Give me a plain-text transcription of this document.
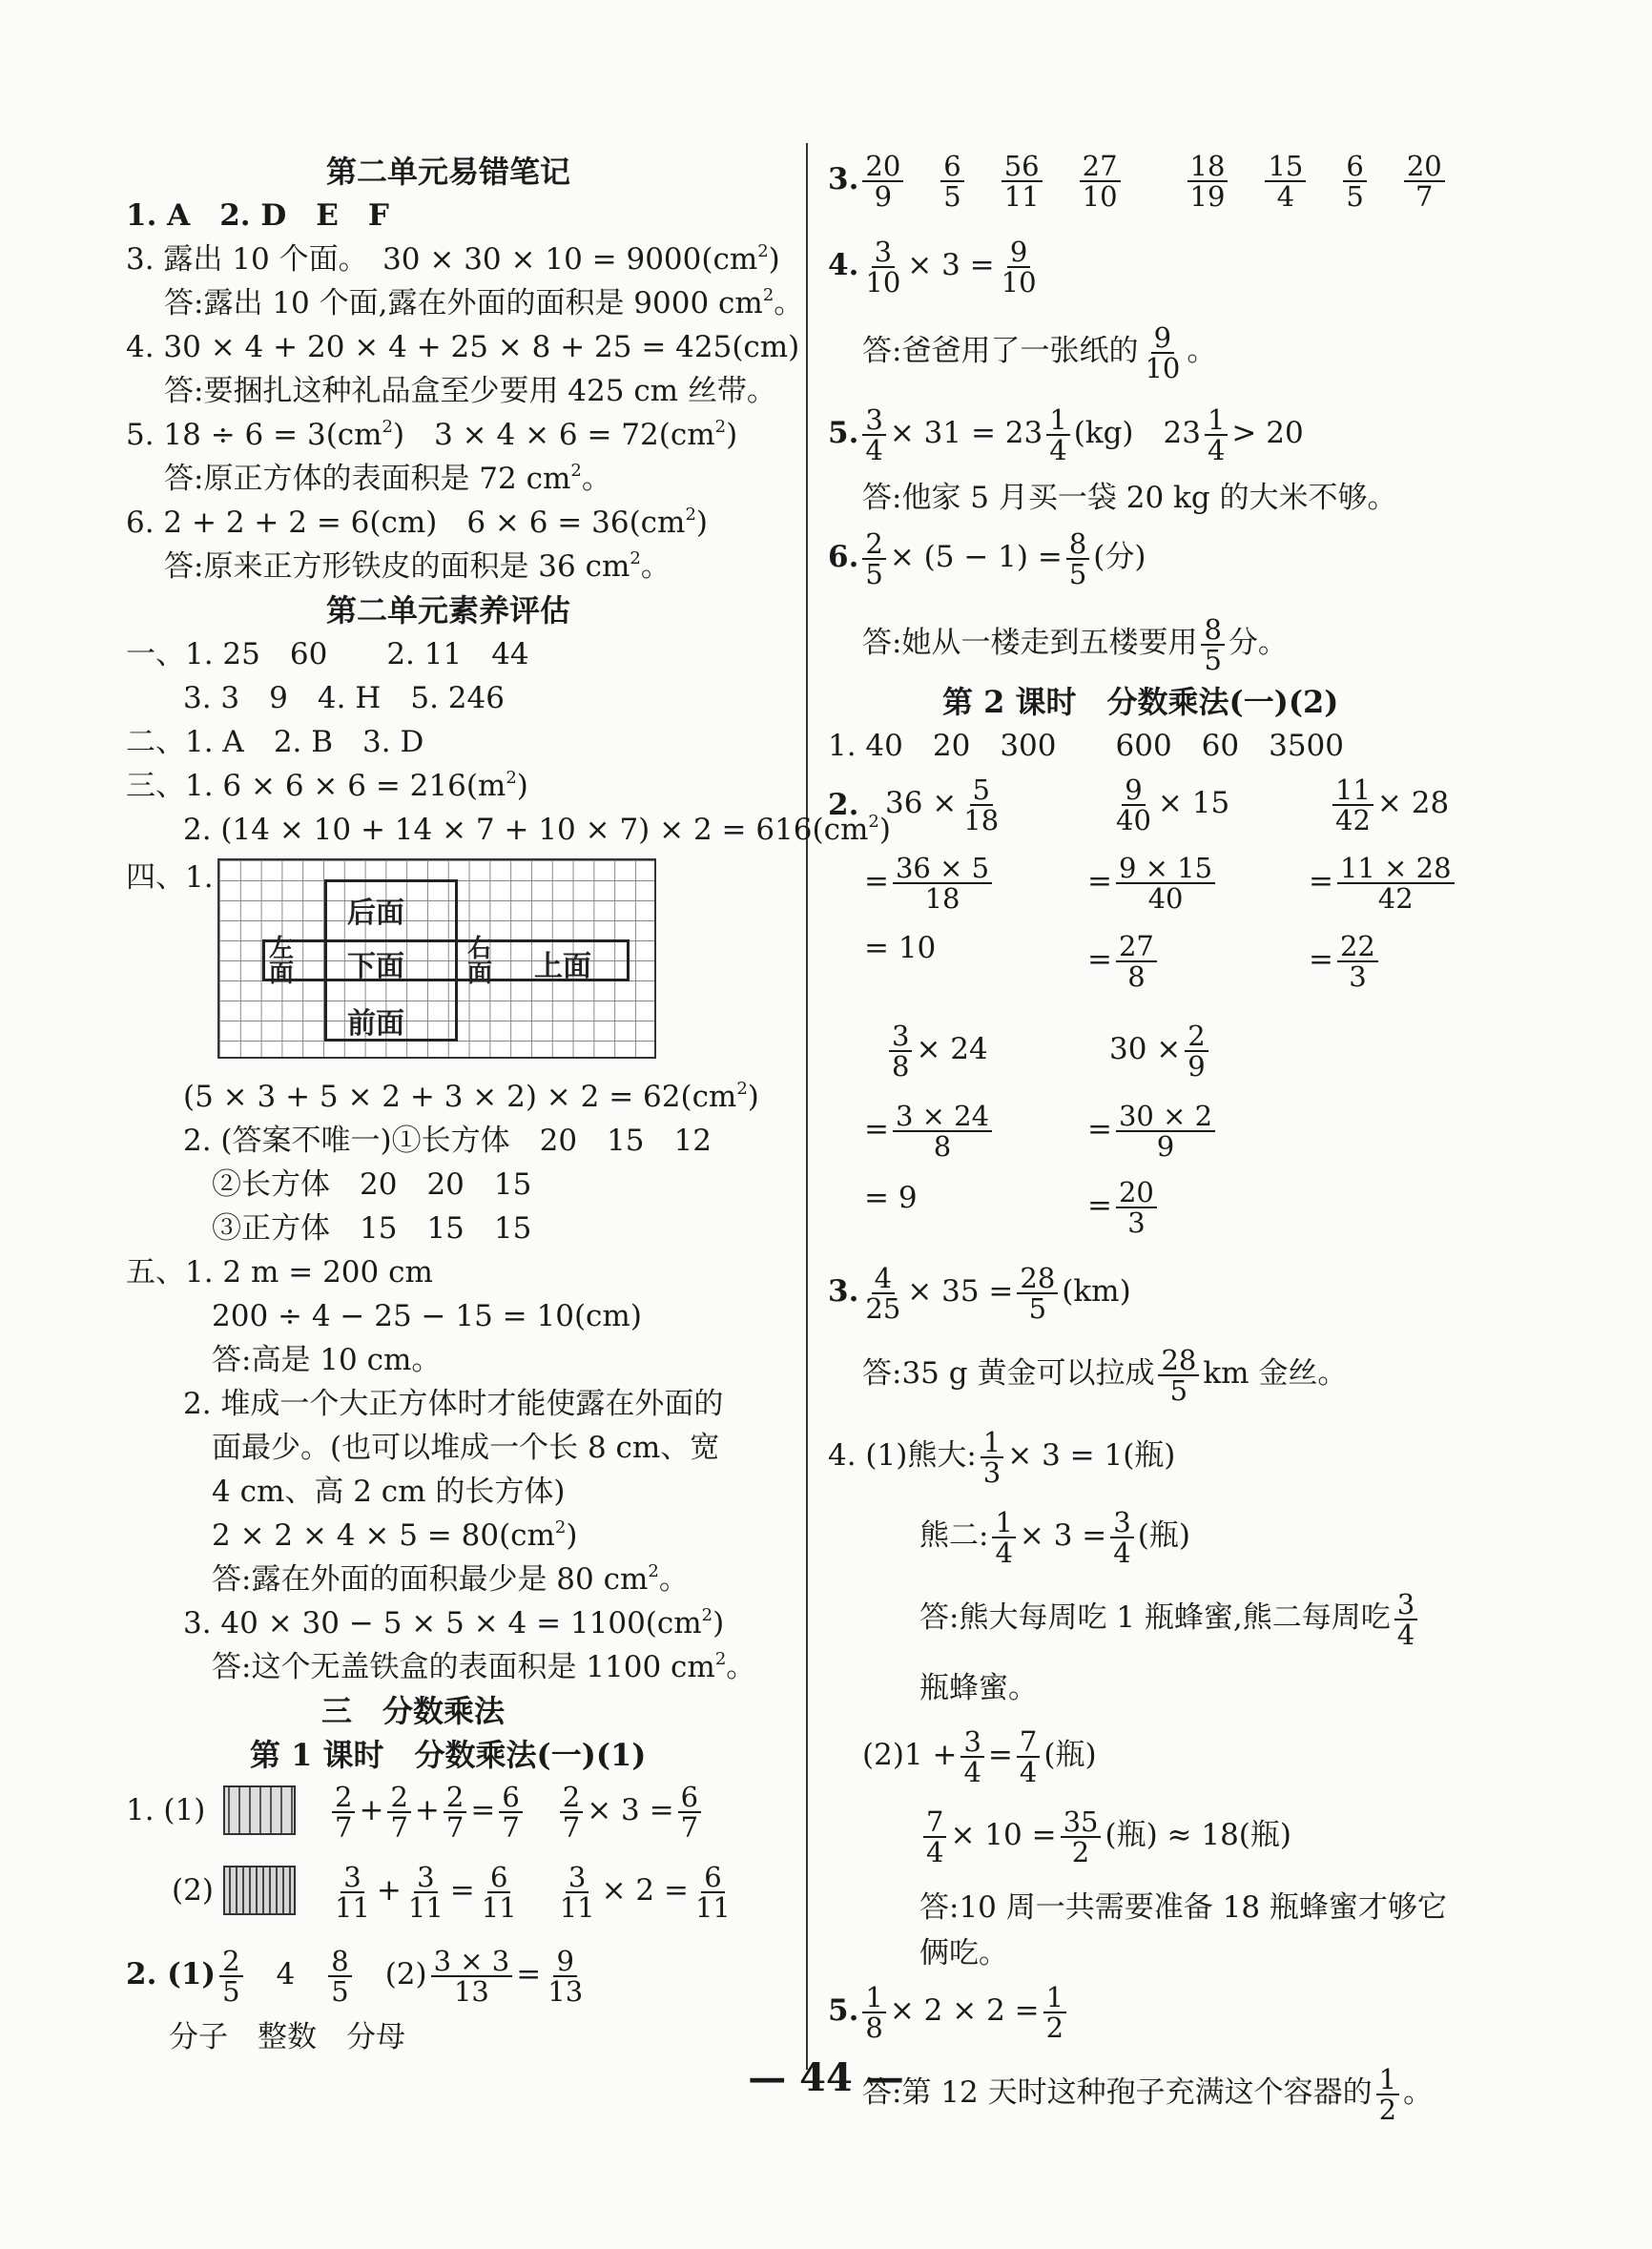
第二单元易错笔记
1. A　2. D　E　F
3. 露出 10 个面。　$30 \times 30 \times 10 = 9000(cm^2)$
答:露出 10 个面,露在外面的面积是 9000 $cm^2$。
4. 30 × 4 + 20 × 4 + 25 × 8 + 25 = 425(cm)
答:要捆扎这种礼品盒至少要用 425 cm 丝带。
5. $18 \div 6 = 3(cm^2)$　$3 \times 4 \times 6 = 72(cm^2)$
答:原正方体的表面积是 72 $cm^2$。
6. 2 + 2 + 2 = 6(cm)　$6 \times 6 = 36(cm^2)$
答:原来正方形铁皮的面积是 36 $cm^2$。
第二单元素养评估
一、1. 25　60　　2. 11　44
3. 3　9　4. H　5. 246
二、1. A　2. B　3. D
三、1. $6 \times 6 \times 6 = 216(m^2)$
2. $(14 \times 10 + 14 \times 7 + 10 \times 7) \times 2 = 616(cm^2)$
四、1.
后面
左面 下面
右面 上面
前面
$(5 \times 3 + 5 \times 2 + 3 \times 2) \times 2 = 62(cm^2)$
2. (答案不唯一)①长方体　20　15　12
②长方体　20　20　15
③正方体　15　15　15
五、1. 2 m = 200 cm
200 ÷ 4 − 25 − 15 = 10(cm)
答:高是 10 cm。
2. 堆成一个大正方体时才能使露在外面的
面最少。(也可以堆成一个长 8 cm、宽
4 cm、高 2 cm 的长方体)
$2 \times 2 \times 4 \times 5 = 80(cm^2)$
答:露在外面的面积最少是 80 $cm^2$。
3. $40 \times 30 - 5 \times 5 \times 4 = 1100(cm^2)$
答:这个无盖铁盒的表面积是 1100 $cm^2$。
三　分数乘法
第 1 课时　分数乘法(一)(1)
1. (1)	$\frac{2}{7} + \frac{2}{7} + \frac{2}{7} = \frac{6}{7}$
　 $\frac{2}{7} \times 3 = \frac{6}{7}$
(2)	$\frac{3}{11} + \frac{3}{11} = \frac{6}{11}$
　 $\frac{3}{11} \times 2 = \frac{6}{11}$
2. $(1) \frac{2}{5}$
　 4　 $\frac{8}{5}$
　 $(2) \frac{3 \times 3}{13} = \frac{9}{13}$
分子　整数　分母
3. $\frac{20}{9}$
　 $\frac{6}{5}$
　 $\frac{56}{11}$
　 $\frac{27}{10}$
　　 $\frac{18}{19}$
　 $\frac{15}{4}$
　 $\frac{6}{5}$
　 $\frac{20}{7}$
4. $\frac{3}{10} \times 3 = \frac{9}{10}$
答:爸爸用了一张纸的 $\frac{9}{10}$ 。
5. $\frac{3}{4} \times 31 = 23 \frac{1}{4} (kg)$　$23 \frac{1}{4} > 20$
答:他家 5 月买一袋 20 kg 的大米不够。
6. $\frac{2}{5} \times (5 - 1) = \frac{8}{5}$ (分)
答:她从一楼走到五楼要用 $\frac{8}{5}$ 分。
第 2 课时　分数乘法(一)(2)
1. 40　20　300　　600　60　3500
2. $36 \times \frac{5}{18}$	$\frac{9}{40} \times 15$	$\frac{11}{42} \times 28$
= $\frac{36 \times 5}{18}$	= $\frac{9 \times 15}{40}$	= $\frac{11 \times 28}{42}$
= 10	= $\frac{27}{8}$	= $\frac{22}{3}$
$\frac{3}{8} \times 24$	$30 \times \frac{2}{9}$
= $\frac{3 \times 24}{8}$	= $\frac{30 \times 2}{9}$
= 9	= $\frac{20}{3}$
3. $\frac{4}{25} \times 35 = \frac{28}{5} (km)$
答:35 g 黄金可以拉成 $\frac{28}{5}$ km 金丝。
4. (1)熊大: $\frac{1}{3} \times 3 = 1$(瓶)
熊二: $\frac{1}{4} \times 3 = \frac{3}{4}$ (瓶)
答:熊大每周吃 1 瓶蜂蜜,熊二每周吃 $\frac{3}{4}$
瓶蜂蜜。
$(2)1 + \frac{3}{4} = \frac{7}{4}$ (瓶)
$\frac{7}{4} \times 10 = \frac{35}{2}$ (瓶) ≈ 18(瓶)
答:10 周一共需要准备 18 瓶蜂蜜才够它
俩吃。
5. $\frac{1}{8} \times 2 \times 2 = \frac{1}{2}$
答:第 12 天时这种孢子充满这个容器的 $\frac{1}{2}$ 。
— 44 —
